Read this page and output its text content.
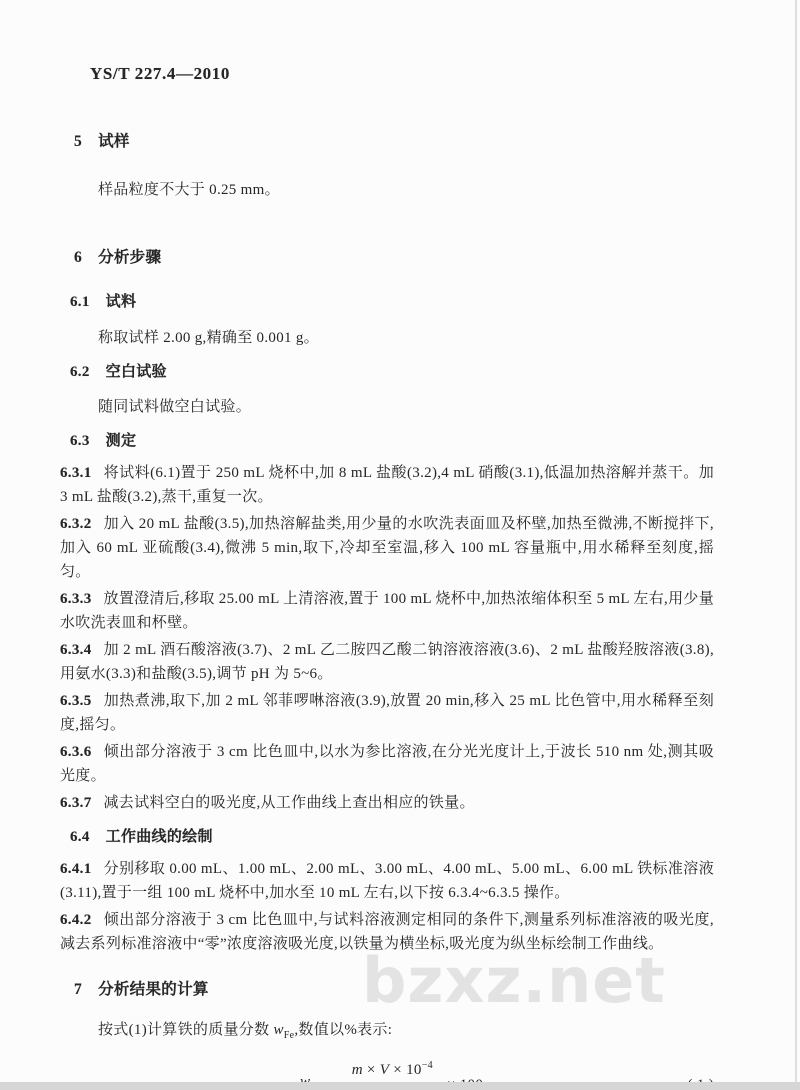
bzxz.net
YS/T 227.4—2010
5 试样

样品粒度不大于 0.25 mm。

6 分析步骤
6.1 试料

称取试样 2.00 g,精确至 0.001 g。

6.2 空白试验

随同试料做空白试验。

6.3 测定

6.3.1 将试料(6.1)置于 250 mL 烧杯中,加 8 mL 盐酸(3.2),4 mL 硝酸(3.1),低温加热溶解并蒸干。加 3 mL 盐酸(3.2),蒸干,重复一次。

6.3.2 加入 20 mL 盐酸(3.5),加热溶解盐类,用少量的水吹洗表面皿及杯壁,加热至微沸,不断搅拌下,加入 60 mL 亚硫酸(3.4),微沸 5 min,取下,冷却至室温,移入 100 mL 容量瓶中,用水稀释至刻度,摇匀。

6.3.3 放置澄清后,移取 25.00 mL 上清溶液,置于 100 mL 烧杯中,加热浓缩体积至 5 mL 左右,用少量水吹洗表皿和杯壁。

6.3.4 加 2 mL 酒石酸溶液(3.7)、2 mL 乙二胺四乙酸二钠溶液溶液(3.6)、2 mL 盐酸羟胺溶液(3.8),用氨水(3.3)和盐酸(3.5),调节 pH 为 5~6。

6.3.5 加热煮沸,取下,加 2 mL 邻菲啰啉溶液(3.9),放置 20 min,移入 25 mL 比色管中,用水稀释至刻度,摇匀。

6.3.6 倾出部分溶液于 3 cm 比色皿中,以水为参比溶液,在分光光度计上,于波长 510 nm 处,测其吸光度。

6.3.7 减去试料空白的吸光度,从工作曲线上查出相应的铁量。

6.4 工作曲线的绘制

6.4.1 分别移取 0.00 mL、1.00 mL、2.00 mL、3.00 mL、4.00 mL、5.00 mL、6.00 mL 铁标准溶液(3.11),置于一组 100 mL 烧杯中,加水至 10 mL 左右,以下按 6.3.4~6.3.5 操作。

6.4.2 倾出部分溶液于 3 cm 比色皿中,与试料溶液测定相同的条件下,测量系列标准溶液的吸光度,减去系列标准溶液中“零”浓度溶液吸光度,以铁量为横坐标,吸光度为纵坐标绘制工作曲线。

7 分析结果的计算

按式(1)计算铁的质量分数 $w_{Fe}$,数值以%表示:

$m \times V \times 10^{-4}$
